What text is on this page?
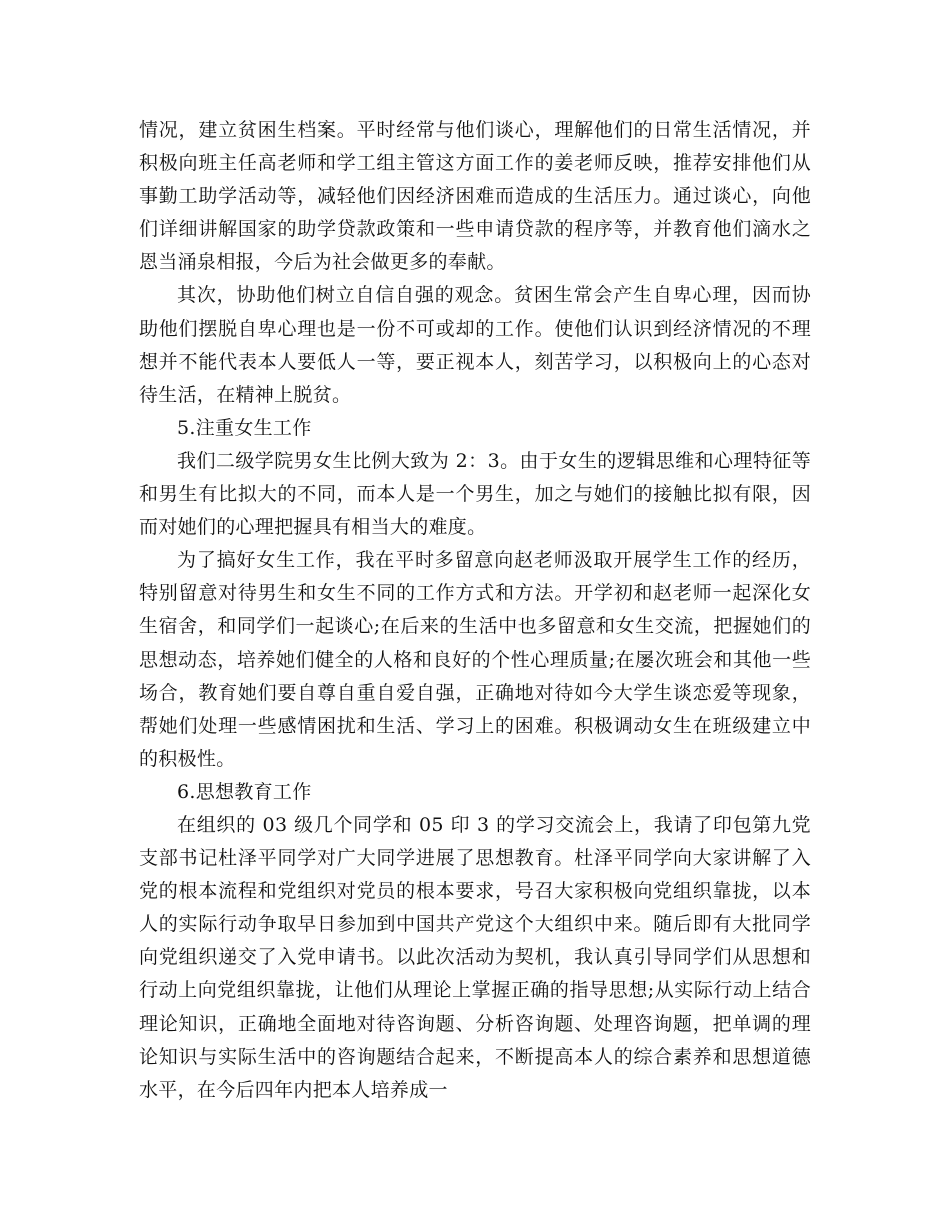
情况，建立贫困生档案。平时经常与他们谈心，理解他们的日常生活情况，并积极向班主任高老师和学工组主管这方面工作的姜老师反映，推荐安排他们从事勤工助学活动等，减轻他们因经济困难而造成的生活压力。通过谈心，向他们详细讲解国家的助学贷款政策和一些申请贷款的程序等，并教育他们滴水之恩当涌泉相报，今后为社会做更多的奉献。

其次，协助他们树立自信自强的观念。贫困生常会产生自卑心理，因而协助他们摆脱自卑心理也是一份不可或却的工作。使他们认识到经济情况的不理想并不能代表本人要低人一等，要正视本人，刻苦学习，以积极向上的心态对待生活，在精神上脱贫。

5.注重女生工作

我们二级学院男女生比例大致为 2：3。由于女生的逻辑思维和心理特征等和男生有比拟大的不同，而本人是一个男生，加之与她们的接触比拟有限，因而对她们的心理把握具有相当大的难度。

为了搞好女生工作，我在平时多留意向赵老师汲取开展学生工作的经历，特别留意对待男生和女生不同的工作方式和方法。开学初和赵老师一起深化女生宿舍，和同学们一起谈心;在后来的生活中也多留意和女生交流，把握她们的思想动态，培养她们健全的人格和良好的个性心理质量;在屡次班会和其他一些场合，教育她们要自尊自重自爱自强，正确地对待如今大学生谈恋爱等现象，帮她们处理一些感情困扰和生活、学习上的困难。积极调动女生在班级建立中的积极性。

6.思想教育工作

在组织的 03 级几个同学和 05 印 3 的学习交流会上，我请了印包第九党支部书记杜泽平同学对广大同学进展了思想教育。杜泽平同学向大家讲解了入党的根本流程和党组织对党员的根本要求，号召大家积极向党组织靠拢，以本人的实际行动争取早日参加到中国共产党这个大组织中来。随后即有大批同学向党组织递交了入党申请书。以此次活动为契机，我认真引导同学们从思想和行动上向党组织靠拢，让他们从理论上掌握正确的指导思想;从实际行动上结合理论知识，正确地全面地对待咨询题、分析咨询题、处理咨询题，把单调的理论知识与实际生活中的咨询题结合起来，不断提高本人的综合素养和思想道德水平，在今后四年内把本人培养成一
